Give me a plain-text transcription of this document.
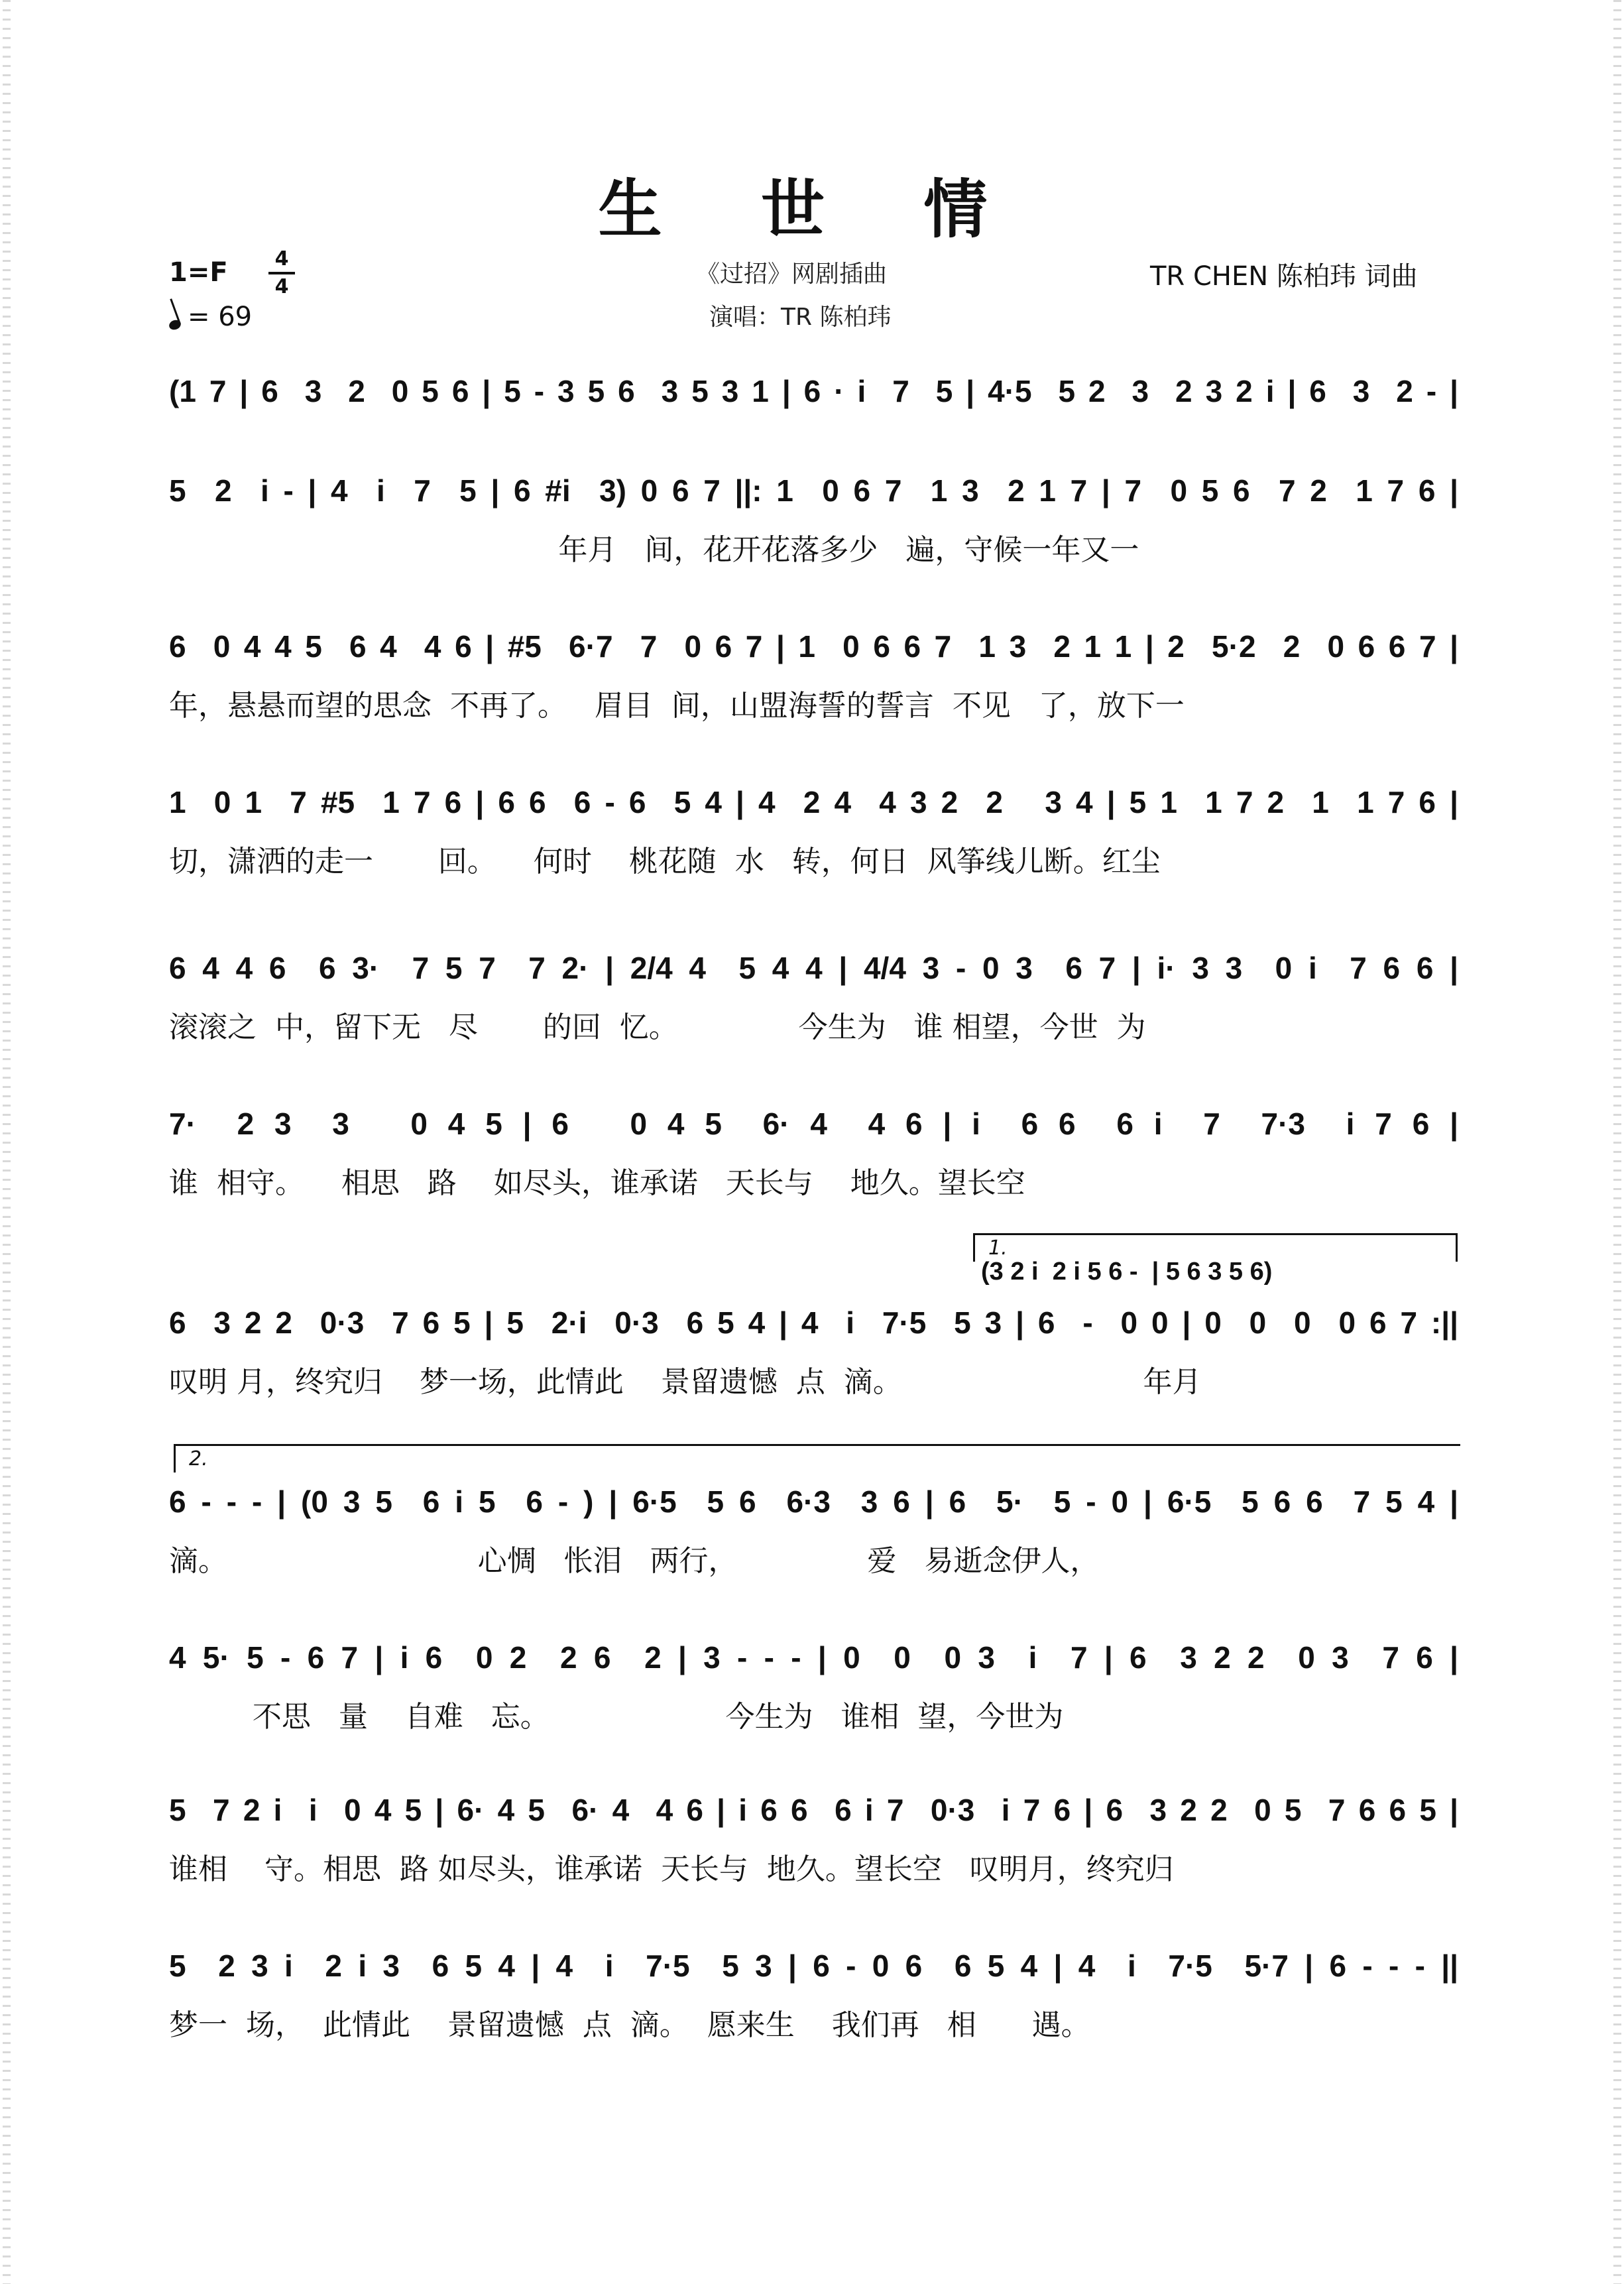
生 世 情
1=F	4
4
= 69
《过招》网剧插曲
演唱：TR 陈柏玮
TR CHEN 陈柏玮 词曲
(1 7 | 6  3  2  0 5 6 | 5 - 3 5 6  3 5 3 1 | 6 · i  7  5 | 4·5  5 2  3  2 3 2 i | 6  3  2 - |
5  2  i - | 4  i  7  5 | 6 #i  3) 0 6 7 ||: 1  0 6 7  1 3  2 1 7 | 7  0 5 6  7 2  1 7 6 |
年月   间，花开花落多少   遍，守候一年又一
6  0 4 4 5  6 4  4 6 | #5  6·7  7  0 6 7 | 1  0 6 6 7  1 3  2 1 1 | 2  5·2  2  0 6 6 7 |
年，悬悬而望的思念  不再了。   眉目  间，山盟海誓的誓言  不见   了，放下一
1  0 1  7 #5  1 7 6 | 6 6  6 - 6  5 4 | 4  2 4  4 3 2  2   3 4 | 5 1  1 7 2  1  1 7 6 |
切，潇洒的走一       回。    何时    桃花随  水   转，何日  风筝线儿断。红尘
6 4 4 6  6 3·  7 5 7  7 2· | 2/4 4  5 4 4 | 4/4 3 - 0 3  6 7 | i· 3 3  0 i  7 6 6 |
滚滚之  中，留下无   尽       的回  忆。             今生为   谁 相望，今世  为
7·  2 3  3   0 4 5 | 6   0 4 5  6· 4  4 6 | i  6 6  6 i  7  7·3  i 7 6 |
谁  相守。    相思   路    如尽头，谁承诺   天长与    地久。望长空
1.
(3 2 i  2 i 5 6 -  | 5 6 3 5 6)
6  3 2 2  0·3  7 6 5 | 5  2·i  0·3  6 5 4 | 4  i  7·5  5 3 | 6  -  0 0 | 0  0  0  0 6 7 :||
叹明 月，终究归    梦一场，此情此    景留遗憾  点  滴。                          年月
2.
6 - - - | (0 3 5  6 i 5  6 - ) | 6·5  5 6  6·3  3 6 | 6  5·  5 - 0 | 6·5  5 6 6  7 5 4 |
滴。                           心惆   怅泪   两行，              爱   易逝念伊人，
4 5· 5 - 6 7 | i 6  0 2  2 6  2 | 3 - - - | 0  0  0 3  i  7 | 6  3 2 2  0 3  7 6 |
不思   量    自难   忘。                   今生为   谁相  望，今世为
5  7 2 i  i  0 4 5 | 6· 4 5  6· 4  4 6 | i 6 6  6 i 7  0·3  i 7 6 | 6  3 2 2  0 5  7 6 6 5 |
谁相    守。相思  路 如尽头，谁承诺  天长与  地久。望长空   叹明月，终究归
5  2 3 i  2 i 3  6 5 4 | 4  i  7·5  5 3 | 6 - 0 6  6 5 4 | 4  i  7·5  5·7 | 6 - - - ||
梦一  场，  此情此    景留遗憾  点  滴。  愿来生    我们再   相      遇。
